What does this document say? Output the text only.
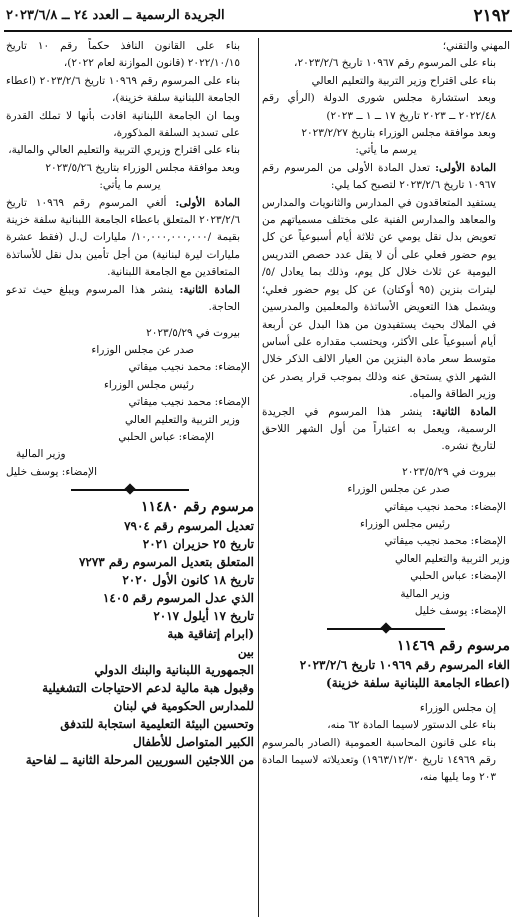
٢١٩٢
الجريدة الرسمية ــ العدد ٢٤ ــ ٢٠٢٣/٦/٨

المهني والتقني؛

بناء على المرسوم رقم ١٠٩٦٧ تاريخ ٢٠٢٣/٢/٦،

بناء على اقتراح وزير التربية والتعليم العالي

وبعد استشارة مجلس شورى الدولة (الرأي رقم ٢٠٢٢/٤٨ ــ ٢٠٢٣ تاريخ ١٧ ــ ١ ــ ٢٠٢٣)

وبعد موافقة مجلس الوزراء بتاريخ ٢٠٢٣/٢/٢٧

يرسم ما يأتي:

المادة الأولى: تعدل المادة الأولى من المرسوم رقم ١٠٩٦٧ تاريخ ٢٠٢٣/٢/٦ لتصبح كما يلي:

يستفيد المتعاقدون في المدارس والثانويات والمدارس والمعاهد والمدارس الفنية على مختلف مسمياتهم من تعويض بدل نقل يومي عن ثلاثة أيام أسبوعياً عن كل يوم حضور فعلي على أن لا يقل عدد حصص التدريس اليومية عن ثلاث خلال كل يوم، وذلك بما يعادل /٥/ ليترات بنزين (٩٥ أوكتان) عن كل يوم حضور فعلي؛ ويشمل هذا التعويض الأساتذة والمعلمين والمدرسين في الملاك بحيث يستفيدون من هذا البدل عن أربعة أيام أسبوعياً على الأكثر، ويحتسب مقداره على أساس متوسط سعر مادة البنزين من العيار الالف الذكر خلال الشهر الذي يستحق عنه وذلك بموجب قرار يصدر عن وزير الطاقة والمياه.

المادة الثانية: ينشر هذا المرسوم في الجريدة الرسمية، ويعمل به اعتباراً من أول الشهر اللاحق لتاريخ نشره.

بيروت في ٢٠٢٣/٥/٢٩

صدر عن مجلس الوزراء

الإمضاء: محمد نجيب ميقاتي

رئيس مجلس الوزراء

الإمضاء: محمد نجيب ميقاتي

وزير التربية والتعليم العالي

الإمضاء: عباس الحلبي

وزير المالية

الإمضاء: يوسف خليل

مرسوم رقم ١١٤٦٩

الغاء المرسوم رقم ١٠٩٦٩ تاريخ ٢٠٢٣/٢/٦

(اعطاء الجامعة اللبنانية سلفة خزينة)

إن مجلس الوزراء

بناء على الدستور لاسيما المادة ٦٢ منه،

بناء على قانون المحاسبة العمومية (الصادر بالمرسوم رقم ١٤٩٦٩ تاريخ ١٩٦٣/١٢/٣٠) وتعديلاته لاسيما المادة ٢٠٣ وما يليها منه،

بناء على القانون النافذ حكماً رقم ١٠ تاريخ ٢٠٢٢/١٠/١٥ (قانون الموازنة لعام ٢٠٢٢)،

بناء على المرسوم رقم ١٠٩٦٩ تاريخ ٢٠٢٣/٢/٦ (اعطاء الجامعة اللبنانية سلفة خزينة)،

وبما ان الجامعة اللبنانية افادت بأنها لا تملك القدرة على تسديد السلفة المذكورة،

بناء على اقتراح وزيري التربية والتعليم العالي والمالية،

وبعد موافقة مجلس الوزراء بتاريخ ٢٠٢٣/٥/٢٦

يرسم ما يأتي:

المادة الأولى: ألغي المرسوم رقم ١٠٩٦٩ تاريخ ٢٠٢٣/٢/٦ المتعلق باعطاء الجامعة اللبنانية سلفة خزينة بقيمة /١٠,٠٠٠,٠٠٠,٠٠٠/ مليارات ل.ل (فقط عشرة مليارات ليرة لبنانية) من أجل تأمين بدل نقل للأساتذة المتعاقدين مع الجامعة اللبنانية.

المادة الثانية: ينشر هذا المرسوم ويبلغ حيث تدعو الحاجة.

بيروت في ٢٠٢٣/٥/٢٩

صدر عن مجلس الوزراء

الإمضاء: محمد نجيب ميقاتي

رئيس مجلس الوزراء

الإمضاء: محمد نجيب ميقاتي

وزير التربية والتعليم العالي

الإمضاء: عباس الحلبي

وزير المالية

الإمضاء: يوسف خليل

مرسوم رقم ١١٤٨٠

تعديل المرسوم رقم ٧٩٠٤

تاريخ ٢٥ حزيران ٢٠٢١

المتعلق بتعديل المرسوم رقم ٧٢٧٣

تاريخ ١٨ كانون الأول ٢٠٢٠

الذي عدل المرسوم رقم ١٤٠٥

تاريخ ١٧ أيلول ٢٠١٧

(ابرام إتفاقية هبة

بين

الجمهورية اللبنانية والبنك الدولي

وقبول هبة مالية لدعم الاحتياجات التشغيلية

للمدارس الحكومية في لبنان

وتحسين البيئة التعليمية استجابة للتدفق

الكبير المتواصل للأطفال

من اللاجئين السوريين المرحلة الثانية ــ لفاحية
